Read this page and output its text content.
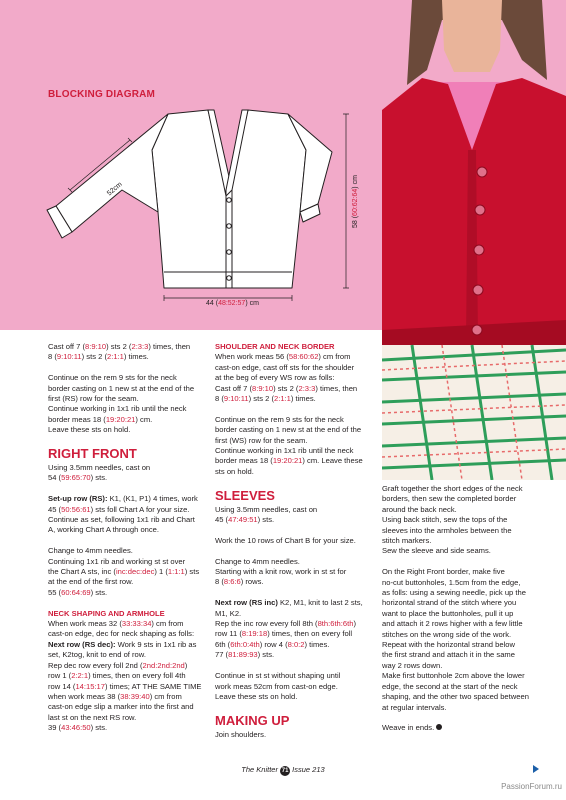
BLOCKING DIAGRAM
52cm
58 (60:62:64) cm
44 (48:52:57) cm

Cast off 7 (8:9:10) sts 2 (2:3:3) times, then
8 (9:10:11) sts 2 (2:1:1) times.

Continue on the rem 9 sts for the neck
border casting on 1 new st at the end of the
first (RS) row for the seam.
Continue working in 1x1 rib until the neck
border meas 18 (19:20:21) cm.
Leave these sts on hold.

RIGHT FRONT

Using 3.5mm needles, cast on
54 (59:65:70) sts.

Set-up row (RS): K1, (K1, P1) 4 times, work
45 (50:56:61) sts foll Chart A for your size.
Continue as set, following 1x1 rib and Chart
A, working Chart A through once.

Change to 4mm needles.
Continuing 1x1 rib and working st st over
the Chart A sts, inc (inc:dec:dec) 1 (1:1:1) sts
at the end of the first row.
55 (60:64:69) sts.

NECK SHAPING AND ARMHOLE

When work meas 32 (33:33:34) cm from
cast-on edge, dec for neck shaping as folls:
Next row (RS dec): Work 9 sts in 1x1 rib as
set, K2tog, knit to end of row.
Rep dec row every foll 2nd (2nd:2nd:2nd)
row 1 (2:2:1) times, then on every foll 4th
row 14 (14:15:17) times; AT THE SAME TIME
when work meas 38 (38:39:40) cm from
cast-on edge slip a marker into the first and
last st on the next RS row.
39 (43:46:50) sts.

SHOULDER AND NECK BORDER

When work meas 56 (58:60:62) cm from
cast-on edge, cast off sts for the shoulder
at the beg of every WS row as folls:
Cast off 7 (8:9:10) sts 2 (2:3:3) times, then
8 (9:10:11) sts 2 (2:1:1) times.

Continue on the rem 9 sts for the neck
border casting on 1 new st at the end of the
first (WS) row for the seam.
Continue working in 1x1 rib until the neck
border meas 18 (19:20:21) cm. Leave these
sts on hold.

SLEEVES

Using 3.5mm needles, cast on
45 (47:49:51) sts.

Work the 10 rows of Chart B for your size.

Change to 4mm needles.
Starting with a knit row, work in st st for
8 (8:6:6) rows.

Next row (RS inc) K2, M1, knit to last 2 sts,
M1, K2.
Rep the inc row every foll 8th (8th:6th:6th)
row 11 (8:19:18) times, then on every foll
6th (6th:0:4th) row 4 (8:0:2) times.
77 (81:89:93) sts.

Continue in st st without shaping until
work meas 52cm from cast-on edge.
Leave these sts on hold.

MAKING UP

Join shoulders.

Graft together the short edges of the neck
borders, then sew the completed border
around the back neck.
Using back stitch, sew the tops of the
sleeves into the armholes between the
stitch markers.
Sew the sleeve and side seams.

On the Right Front border, make five
no-cut buttonholes, 1.5cm from the edge,
as folls: using a sewing needle, pick up the
horizontal strand of the stitch where you
want to place the buttonholes, pull it up
and attach it 2 rows higher with a few little
stitches on the wrong side of the work.
Repeat with the horizontal strand below
the first strand and attach it in the same
way 2 rows down.
Make first buttonhole 2cm above the lower
edge, the second at the start of the neck
shaping, and the other two spaced between
at regular intervals.

Weave in ends.

The Knitter 71 Issue 213
PassionForum.ru
